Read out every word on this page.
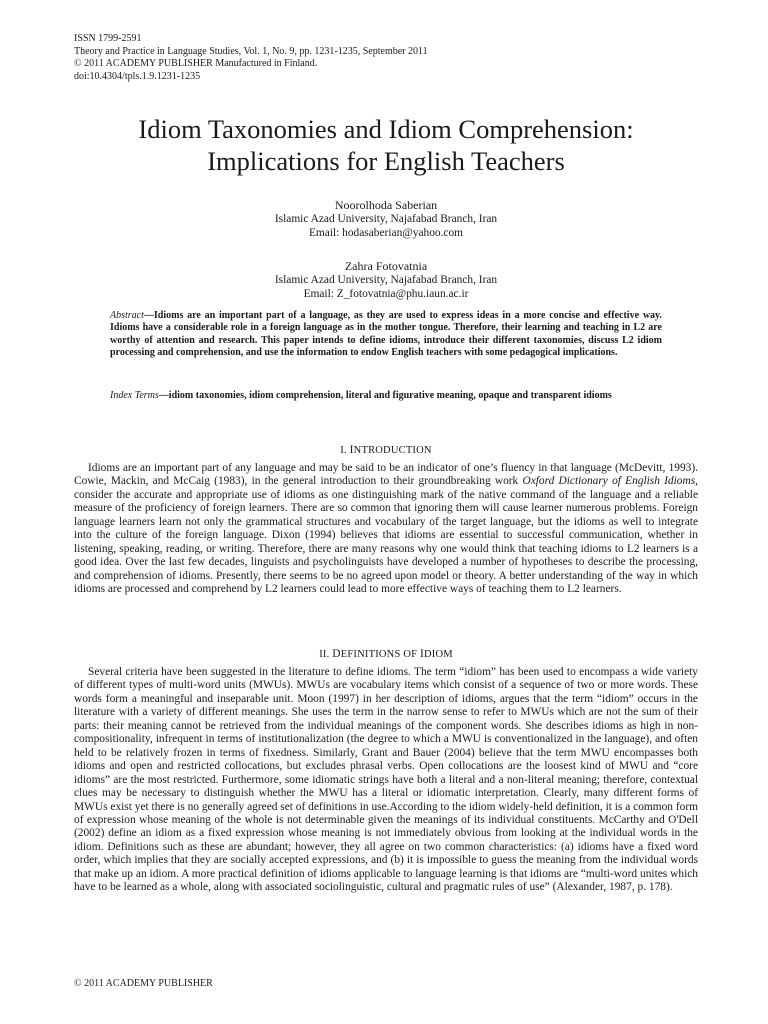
ISSN 1799-2591
Theory and Practice in Language Studies, Vol. 1, No. 9, pp. 1231-1235, September 2011
© 2011 ACADEMY PUBLISHER Manufactured in Finland.
doi:10.4304/tpls.1.9.1231-1235
Idiom Taxonomies and Idiom Comprehension:
Implications for English Teachers
Noorolhoda Saberian
Islamic Azad University, Najafabad Branch, Iran
Email: hodasaberian@yahoo.com
Zahra Fotovatnia
Islamic Azad University, Najafabad Branch, Iran
Email: Z_fotovatnia@phu.iaun.ac.ir
Abstract—Idioms are an important part of a language, as they are used to express ideas in a more concise and effective way. Idioms have a considerable role in a foreign language as in the mother tongue. Therefore, their learning and teaching in L2 are worthy of attention and research. This paper intends to define idioms, introduce their different taxonomies, discuss L2 idiom processing and comprehension, and use the information to endow English teachers with some pedagogical implications.
Index Terms—idiom taxonomies, idiom comprehension, literal and figurative meaning, opaque and transparent idioms
I. INTRODUCTION
Idioms are an important part of any language and may be said to be an indicator of one’s fluency in that language (McDevitt, 1993). Cowie, Mackin, and McCaig (1983), in the general introduction to their groundbreaking work Oxford Dictionary of English Idioms, consider the accurate and appropriate use of idioms as one distinguishing mark of the native command of the language and a reliable measure of the proficiency of foreign learners. There are so common that ignoring them will cause learner numerous problems. Foreign language learners learn not only the grammatical structures and vocabulary of the target language, but the idioms as well to integrate into the culture of the foreign language. Dixon (1994) believes that idioms are essential to successful communication, whether in listening, speaking, reading, or writing. Therefore, there are many reasons why one would think that teaching idioms to L2 learners is a good idea. Over the last few decades, linguists and psycholinguists have developed a number of hypotheses to describe the processing, and comprehension of idioms. Presently, there seems to be no agreed upon model or theory. A better understanding of the way in which idioms are processed and comprehend by L2 learners could lead to more effective ways of teaching them to L2 learners.
II. DEFINITIONS OF IDIOM
Several criteria have been suggested in the literature to define idioms. The term “idiom” has been used to encompass a wide variety of different types of multi-word units (MWUs). MWUs are vocabulary items which consist of a sequence of two or more words. These words form a meaningful and inseparable unit. Moon (1997) in her description of idioms, argues that the term “idiom” occurs in the literature with a variety of different meanings. She uses the term in the narrow sense to refer to MWUs which are not the sum of their parts: their meaning cannot be retrieved from the individual meanings of the component words. She describes idioms as high in non-compositionality, infrequent in terms of institutionalization (the degree to which a MWU is conventionalized in the language), and often held to be relatively frozen in terms of fixedness. Similarly, Grant and Bauer (2004) believe that the term MWU encompasses both idioms and open and restricted collocations, but excludes phrasal verbs. Open collocations are the loosest kind of MWU and “core idioms” are the most restricted. Furthermore, some idiomatic strings have both a literal and a non-literal meaning; therefore, contextual clues may be necessary to distinguish whether the MWU has a literal or idiomatic interpretation. Clearly, many different forms of MWUs exist yet there is no generally agreed set of definitions in use.According to the idiom widely-held definition, it is a common form of expression whose meaning of the whole is not determinable given the meanings of its individual constituents. McCarthy and O'Dell (2002) define an idiom as a fixed expression whose meaning is not immediately obvious from looking at the individual words in the idiom. Definitions such as these are abundant; however, they all agree on two common characteristics: (a) idioms have a fixed word order, which implies that they are socially accepted expressions, and (b) it is impossible to guess the meaning from the individual words that make up an idiom. A more practical definition of idioms applicable to language learning is that idioms are “multi-word unites which have to be learned as a whole, along with associated sociolinguistic, cultural and pragmatic rules of use” (Alexander, 1987, p. 178).
© 2011 ACADEMY PUBLISHER
